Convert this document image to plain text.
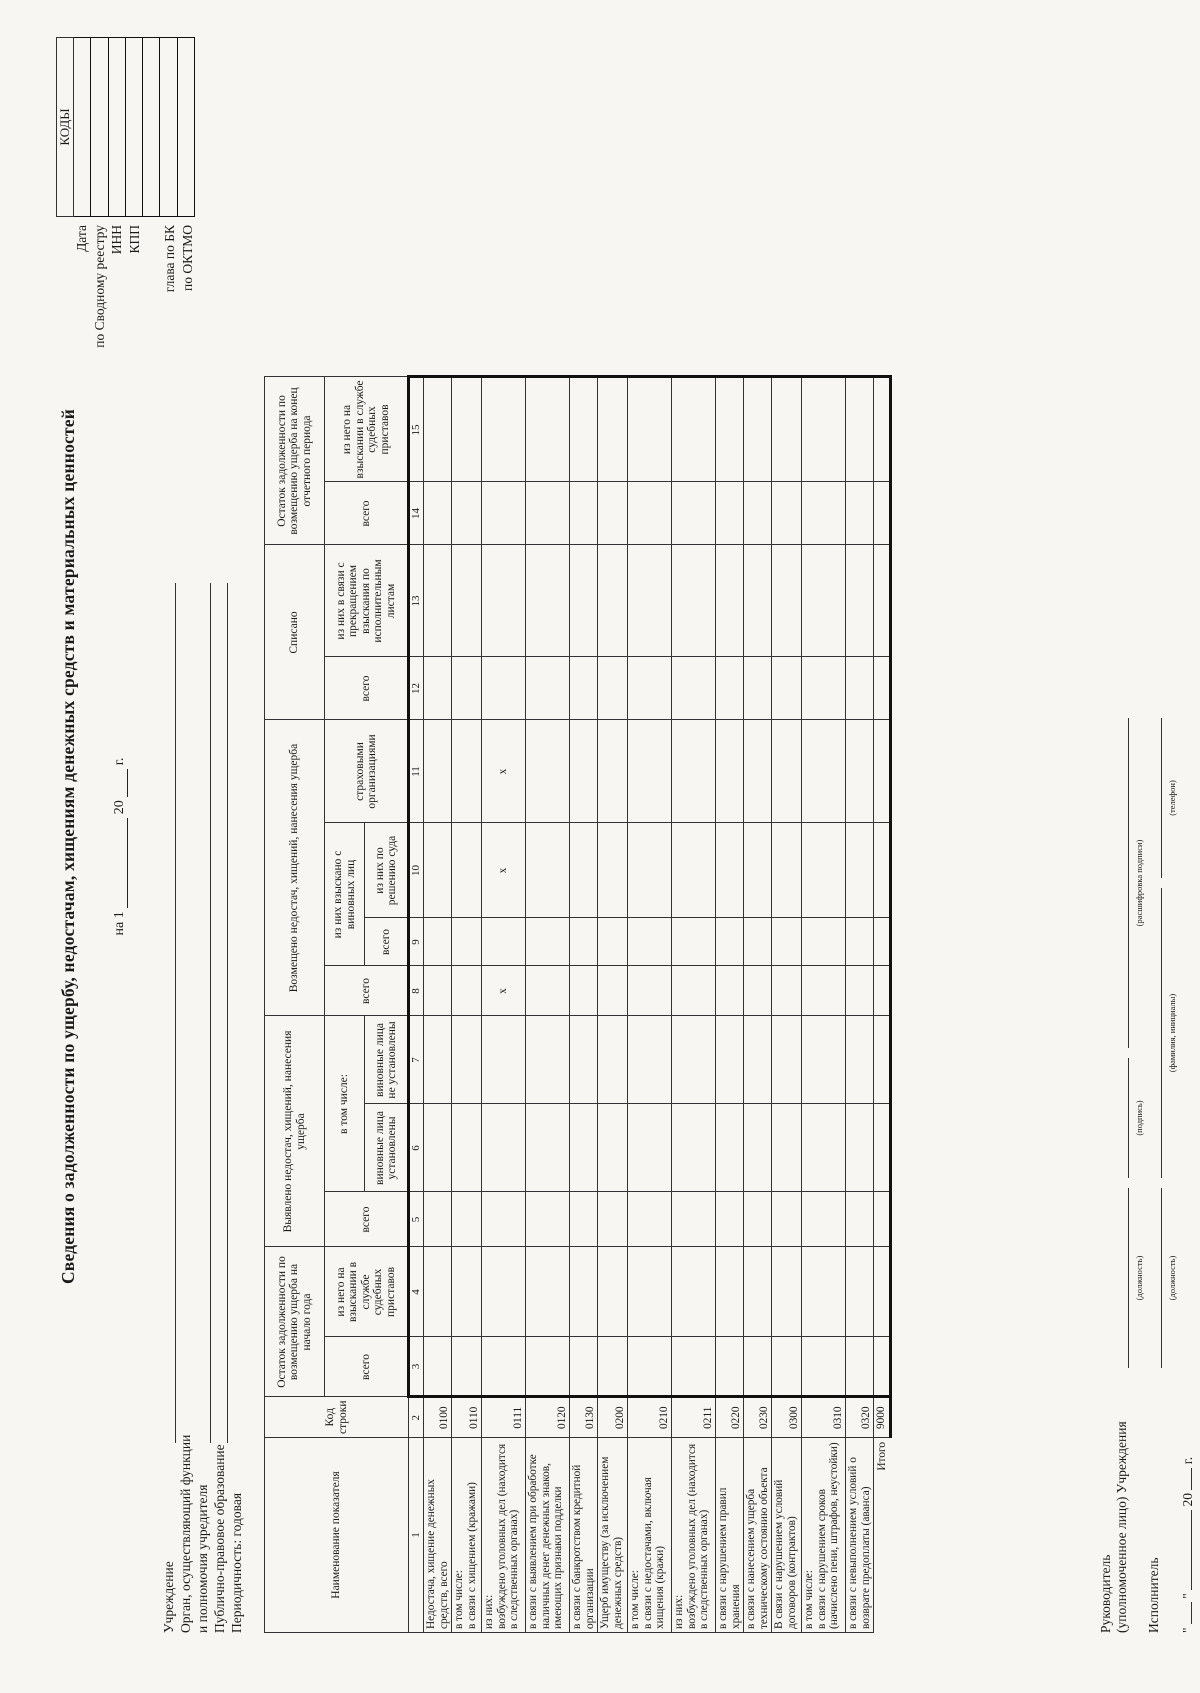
Сведения о задолженности по ущербу, недостачам, хищениям денежных средств и материальных ценностей на 1  20  г.
Дата по Сводному реестру ИНН КПП глава по БК по ОКТМО
КОДЫ

Учреждение Орган, осуществляющий функции и полномочия учредителя Публично-правовое образование Периодичность: годовая	Наименование показателя	Код строки	Остаток задолженности по возмещению ущерба на начало года		Выявлено недостач, хищений, нанесения ущерба			Возмещено недостач, хищений, нанесения ущерба				Списано		Остаток задолженности по возмещению ущерба на конец отчетного периода	
		всего	из него на взыскании в службе судебных приставов	всего	в том числе:		всего	из них взыскано с виновных лиц		страховыми организациями	всего	из них в связи с прекращением взыскания по исполнительным листам	всего	из него на взыскании в службе судебных приставов
					виновные лица установлены	виновные лица не установлены		всего	из них по решению суда					
1	2	3	4	5	6	7	8	9	10	11	12	13	14	15
Недостача, хищение денежных средств, всего	0100													
в том числе:
в связи с хищением (кражами)	0110													
из них:
возбуждено уголовных дел (находится в следственных органах)	0111						x		x	x				
в связи с выявлением при обработке наличных денег денежных знаков, имеющих признаки подделки	0120													
в связи с банкротством кредитной организации	0130													
Ущерб имуществу (за исключением денежных средств)	0200													
в том числе:
в связи с недостачами, включая хищения (кражи)	0210													
из них:
возбуждено уголовных дел (находится в следственных органах)	0211													
в связи с нарушением правил хранения	0220													
в связи с нанесением ущерба техническому состоянию объекта	0230													
В связи с нарушением условий договоров (контрактов)	0300													
в том числе:
в связи с нарушением сроков (начислено пени, штрафов, неустойки)	0310													
в связи с невыполнением условий о возврате предоплаты (аванса)	0320													
Итого	9000													
Руководитель (уполномоченное лицо) Учреждения
(должность)
(подпись)
(расшифровка подписи)
Исполнитель
(должность)
(фамилия, инициалы)
(телефон)
"  "  20  г.
